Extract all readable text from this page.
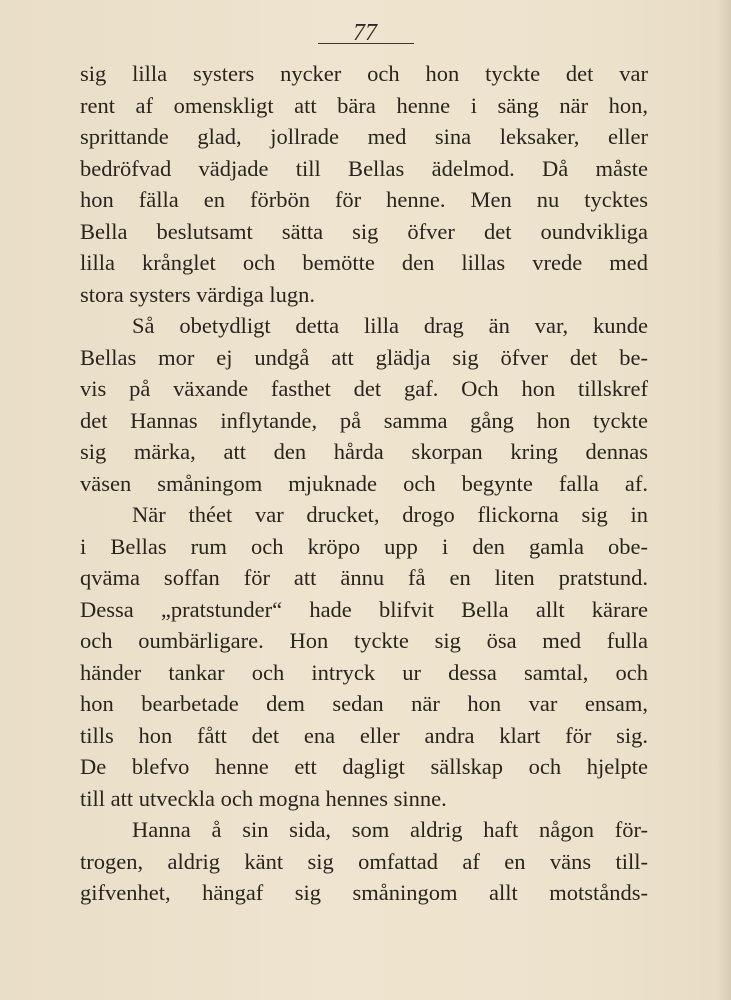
77
sig lilla systers nycker och hon tyckte det var
rent af omenskligt att bära henne i säng när hon,
sprittande glad, jollrade med sina leksaker, eller
bedröfvad vädjade till Bellas ädelmod. Då måste
hon fälla en förbön för henne. Men nu tycktes
Bella beslutsamt sätta sig öfver det oundvikliga
lilla krånglet och bemötte den lillas vrede med
stora systers värdiga lugn.
Så obetydligt detta lilla drag än var, kunde
Bellas mor ej undgå att glädja sig öfver det be-
vis på växande fasthet det gaf. Och hon tillskref
det Hannas inflytande, på samma gång hon tyckte
sig märka, att den hårda skorpan kring dennas
väsen småningom mjuknade och begynte falla af.
När théet var drucket, drogo flickorna sig in
i Bellas rum och kröpo upp i den gamla obe-
qväma soffan för att ännu få en liten pratstund.
Dessa „pratstunder“ hade blifvit Bella allt kärare
och oumbärligare. Hon tyckte sig ösa med fulla
händer tankar och intryck ur dessa samtal, och
hon bearbetade dem sedan när hon var ensam,
tills hon fått det ena eller andra klart för sig.
De blefvo henne ett dagligt sällskap och hjelpte
till att utveckla och mogna hennes sinne.
Hanna å sin sida, som aldrig haft någon för-
trogen, aldrig känt sig omfattad af en väns till-
gifvenhet, hängaf sig småningom allt motstånds-
